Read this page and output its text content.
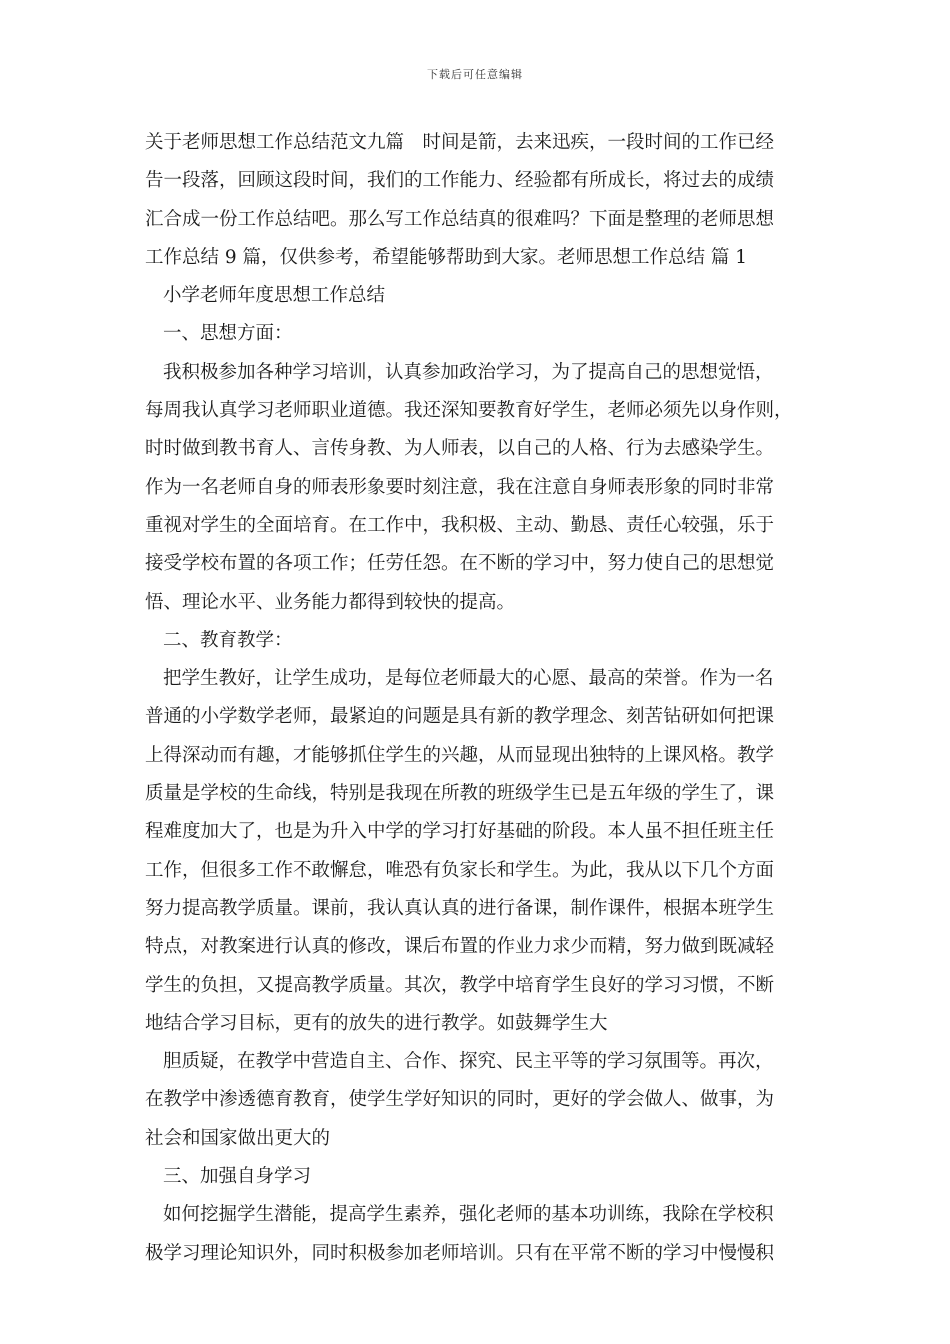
下载后可任意编辑
关于老师思想工作总结范文九篇　时间是箭，去来迅疾，一段时间的工作已经
告一段落，回顾这段时间，我们的工作能力、经验都有所成长，将过去的成绩
汇合成一份工作总结吧。那么写工作总结真的很难吗？下面是整理的老师思想
工作总结 9 篇，仅供参考，希望能够帮助到大家。老师思想工作总结 篇 1
小学老师年度思想工作总结
一、思想方面：
我积极参加各种学习培训，认真参加政治学习，为了提高自己的思想觉悟，
每周我认真学习老师职业道德。我还深知要教育好学生，老师必须先以身作则，
时时做到教书育人、言传身教、为人师表，以自己的人格、行为去感染学生。
作为一名老师自身的师表形象要时刻注意，我在注意自身师表形象的同时非常
重视对学生的全面培育。在工作中，我积极、主动、勤恳、责任心较强，乐于
接受学校布置的各项工作；任劳任怨。在不断的学习中，努力使自己的思想觉
悟、理论水平、业务能力都得到较快的提高。
二、教育教学：
把学生教好，让学生成功，是每位老师最大的心愿、最高的荣誉。作为一名
普通的小学数学老师，最紧迫的问题是具有新的教学理念、刻苦钻研如何把课
上得深动而有趣，才能够抓住学生的兴趣，从而显现出独特的上课风格。教学
质量是学校的生命线，特别是我现在所教的班级学生已是五年级的学生了，课
程难度加大了，也是为升入中学的学习打好基础的阶段。本人虽不担任班主任
工作，但很多工作不敢懈怠，唯恐有负家长和学生。为此，我从以下几个方面
努力提高教学质量。课前，我认真认真的进行备课，制作课件，根据本班学生
特点，对教案进行认真的修改，课后布置的作业力求少而精，努力做到既减轻
学生的负担，又提高教学质量。其次，教学中培育学生良好的学习习惯，不断
地结合学习目标，更有的放失的进行教学。如鼓舞学生大
胆质疑，在教学中营造自主、合作、探究、民主平等的学习氛围等。再次，
在教学中渗透德育教育，使学生学好知识的同时，更好的学会做人、做事，为
社会和国家做出更大的
三、加强自身学习
如何挖掘学生潜能，提高学生素养，强化老师的基本功训练，我除在学校积
极学习理论知识外，同时积极参加老师培训。只有在平常不断的学习中慢慢积
